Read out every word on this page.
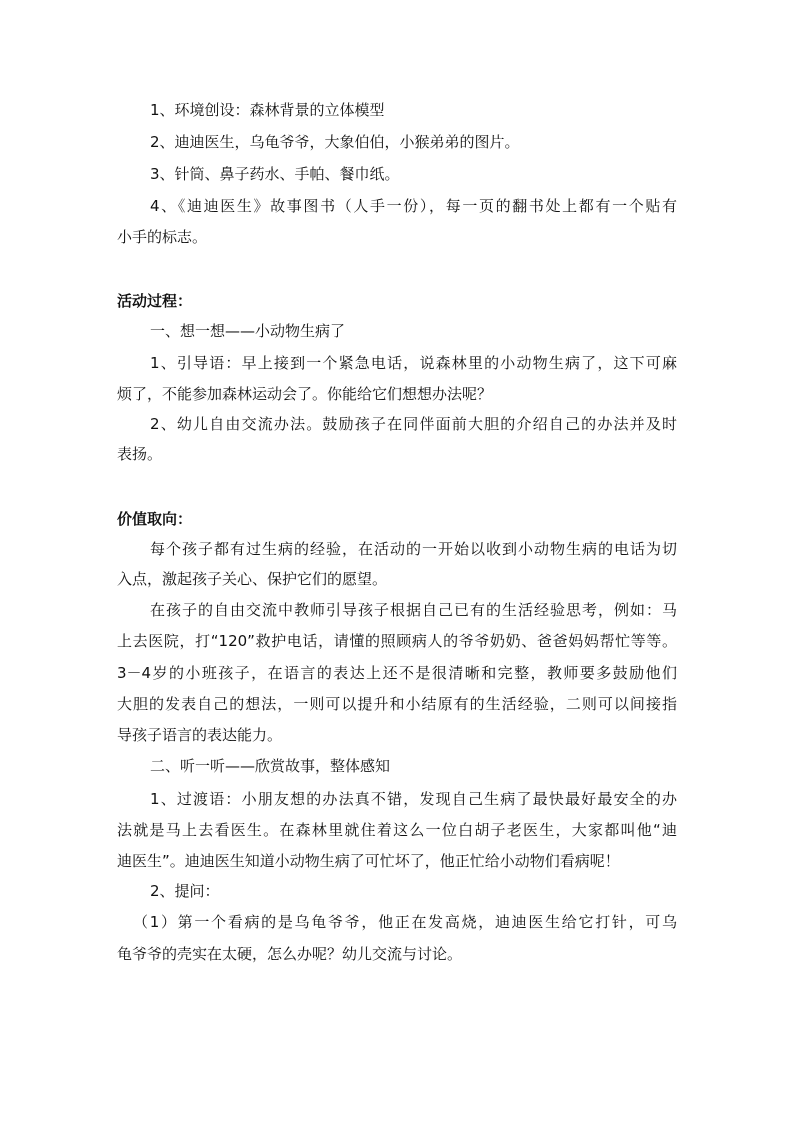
1、环境创设：森林背景的立体模型
2、迪迪医生，乌龟爷爷，大象伯伯，小猴弟弟的图片。
3、针筒、鼻子药水、手帕、餐巾纸。
4、《迪迪医生》故事图书（人手一份），每一页的翻书处上都有一个贴有
小手的标志。
活动过程：
一、想一想——小动物生病了
1、引导语：早上接到一个紧急电话，说森林里的小动物生病了，这下可麻
烦了，不能参加森林运动会了。你能给它们想想办法呢？
2、幼儿自由交流办法。鼓励孩子在同伴面前大胆的介绍自己的办法并及时
表扬。
价值取向：
每个孩子都有过生病的经验，在活动的一开始以收到小动物生病的电话为切
入点，激起孩子关心、保护它们的愿望。
在孩子的自由交流中教师引导孩子根据自己已有的生活经验思考，例如：马
上去医院，打“120”救护电话，请懂的照顾病人的爷爷奶奶、爸爸妈妈帮忙等等。
3－4岁的小班孩子，在语言的表达上还不是很清晰和完整，教师要多鼓励他们
大胆的发表自己的想法，一则可以提升和小结原有的生活经验，二则可以间接指
导孩子语言的表达能力。
二、听一听——欣赏故事，整体感知
1、过渡语：小朋友想的办法真不错，发现自己生病了最快最好最安全的办
法就是马上去看医生。在森林里就住着这么一位白胡子老医生，大家都叫他“迪
迪医生”。迪迪医生知道小动物生病了可忙坏了，他正忙给小动物们看病呢！
2、提问：
（1）第一个看病的是乌龟爷爷，他正在发高烧，迪迪医生给它打针，可乌
龟爷爷的壳实在太硬，怎么办呢？幼儿交流与讨论。
